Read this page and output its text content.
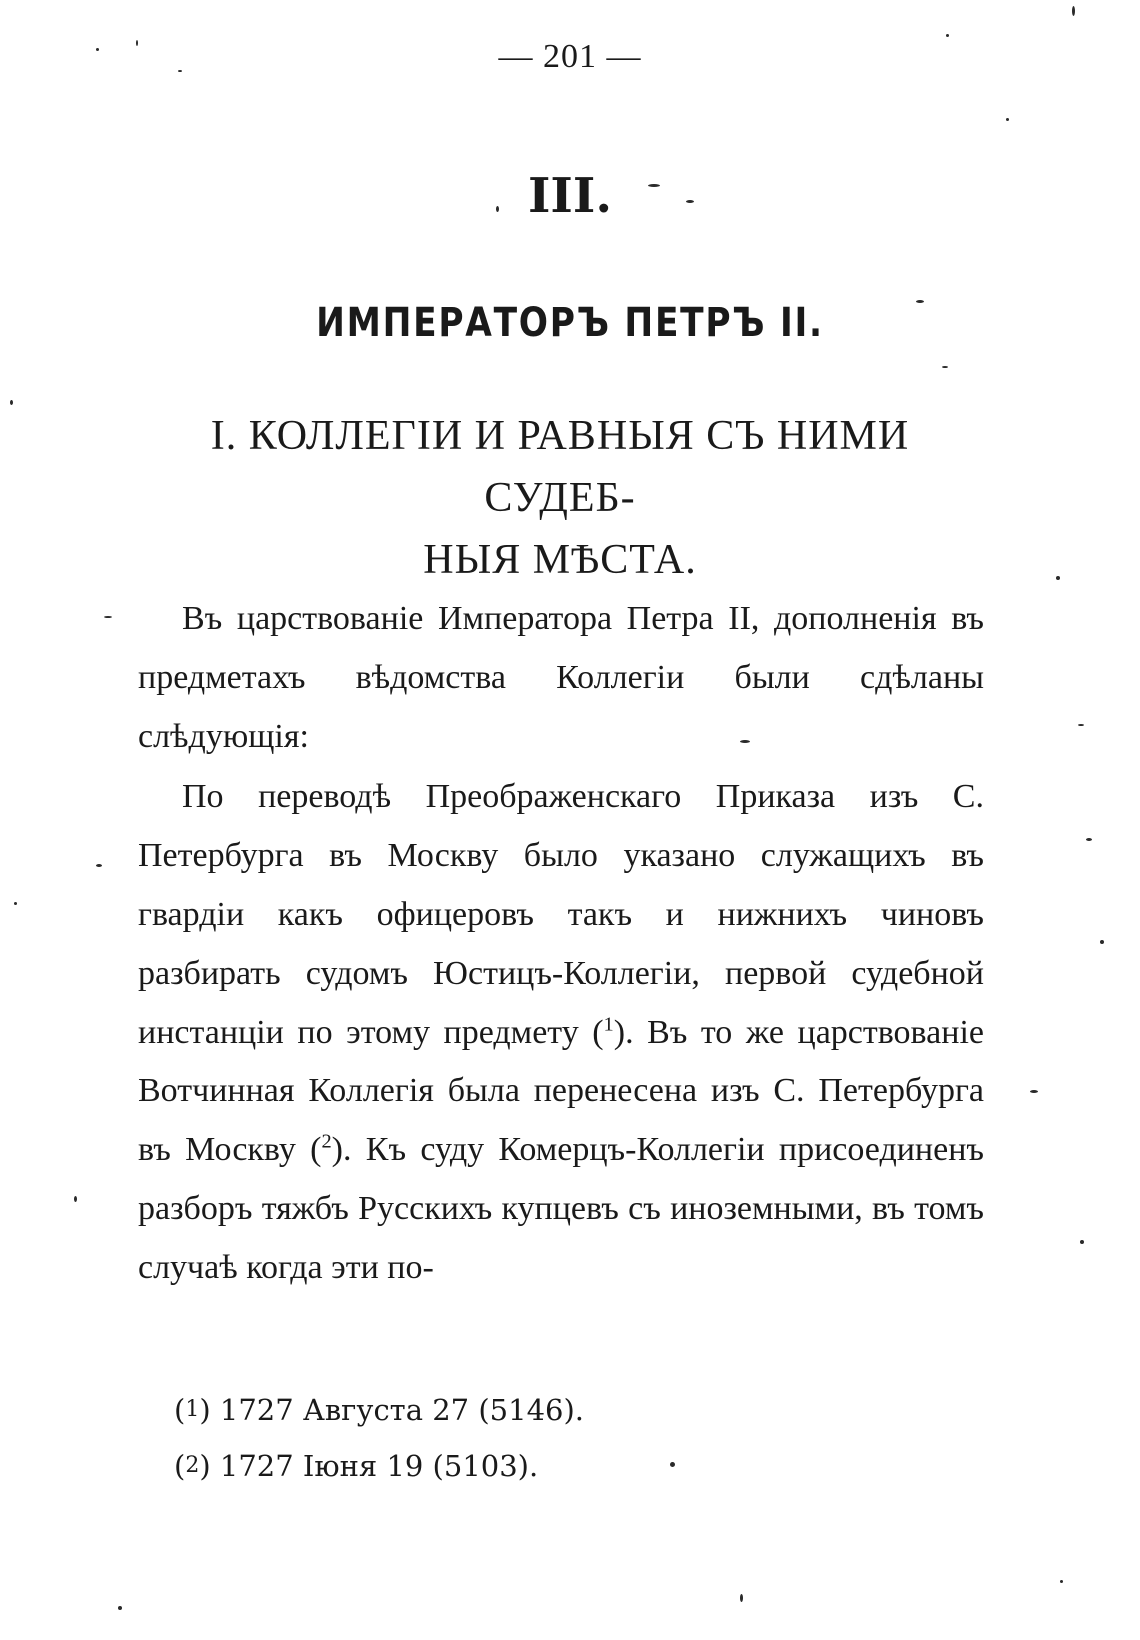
— 201 —
III.
ИМПЕРАТОРЪ ПЕТРЪ II.
I. КОЛЛЕГІИ И РАВНЫЯ СЪ НИМИ СУДЕБ-
НЫЯ МѢСТА.

Въ царствованіе Императора Петра II, дополненія въ предметахъ вѣдомства Коллегіи были сдѣланы слѣдующія:

По переводѣ Преображенскаго Приказа изъ С. Петербурга въ Москву было указано служащихъ въ гвардіи какъ офицеровъ такъ и нижнихъ чиновъ разбирать судомъ Юстицъ-Коллегіи, первой судебной инстанціи по этому предмету ($^1$). Въ то же царствованіе Вотчинная Коллегія была перенесена изъ С. Петербурга въ Москву ($^2$). Къ суду Комерцъ-Коллегіи присоединенъ разборъ тяжбъ Русскихъ купцевъ съ иноземными, въ томъ случаѣ когда эти по-

($^1$) 1727 Августа 27 (5146).
($^2$) 1727 Іюня 19 (5103).
